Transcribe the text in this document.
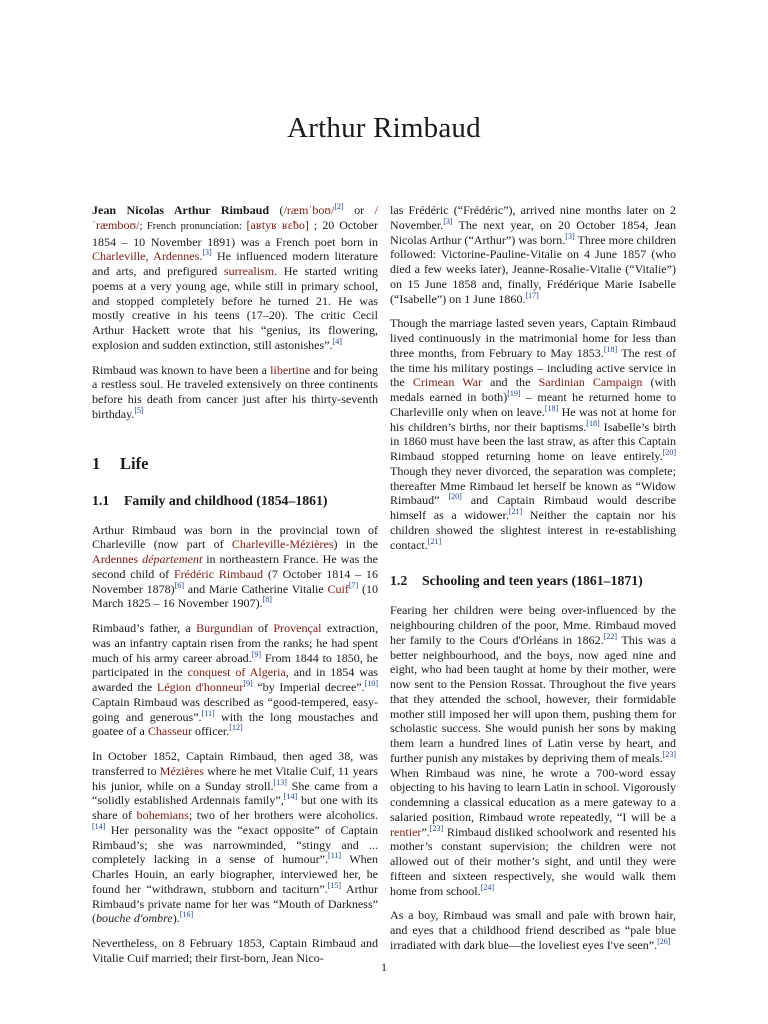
Arthur Rimbaud

Jean Nicolas Arthur Rimbaud (/ræmˈboʊ/[2] or /ˈræmboʊ/; French pronunciation: [aʁtyʁ ʁɛ̃bo] ; 20 October 1854 – 10 November 1891) was a French poet born in Charleville, Ardennes.[3] He influenced modern literature and arts, and prefigured surrealism. He started writing poems at a very young age, while still in primary school, and stopped completely before he turned 21. He was mostly creative in his teens (17–20). The critic Cecil Arthur Hackett wrote that his “genius, its flowering, explosion and sudden extinction, still astonishes”.[4]

Rimbaud was known to have been a libertine and for being a restless soul. He traveled extensively on three continents before his death from cancer just after his thirty-seventh birthday.[5]

1 Life
1.1 Family and childhood (1854–1861)

Arthur Rimbaud was born in the provincial town of Charleville (now part of Charleville-Mézières) in the Ardennes département in northeastern France. He was the second child of Frédéric Rimbaud (7 October 1814 – 16 November 1878)[6] and Marie Catherine Vitalie Cuif[7] (10 March 1825 – 16 November 1907).[8]

Rimbaud’s father, a Burgundian of Provençal extraction, was an infantry captain risen from the ranks; he had spent much of his army career abroad.[9] From 1844 to 1850, he participated in the conquest of Algeria, and in 1854 was awarded the Légion d'honneur[9] “by Imperial decree”.[10] Captain Rimbaud was described as “good-tempered, easy-going and generous”.[11] with the long moustaches and goatee of a Chasseur officer.[12]

In October 1852, Captain Rimbaud, then aged 38, was transferred to Mézières where he met Vitalie Cuif, 11 years his junior, while on a Sunday stroll.[13] She came from a “solidly established Ardennais family”,[14] but one with its share of bohemians; two of her brothers were alcoholics.[14] Her personality was the “exact opposite” of Captain Rimbaud’s; she was narrowminded, “stingy and ... completely lacking in a sense of humour”.[11] When Charles Houin, an early biographer, interviewed her, he found her “withdrawn, stubborn and taciturn”.[15] Arthur Rimbaud’s private name for her was “Mouth of Darkness” (bouche d'ombre).[16]

Nevertheless, on 8 February 1853, Captain Rimbaud and Vitalie Cuif married; their first-born, Jean Nico-

las Frédéric (“Frédéric”), arrived nine months later on 2 November.[3] The next year, on 20 October 1854, Jean Nicolas Arthur (“Arthur”) was born.[3] Three more children followed: Victorine-Pauline-Vitalie on 4 June 1857 (who died a few weeks later), Jeanne-Rosalie-Vitalie (“Vitalie”) on 15 June 1858 and, finally, Frédérique Marie Isabelle (“Isabelle”) on 1 June 1860.[17]

Though the marriage lasted seven years, Captain Rimbaud lived continuously in the matrimonial home for less than three months, from February to May 1853.[18] The rest of the time his military postings – including active service in the Crimean War and the Sardinian Campaign (with medals earned in both)[19] – meant he returned home to Charleville only when on leave.[18] He was not at home for his children’s births, nor their baptisms.[18] Isabelle’s birth in 1860 must have been the last straw, as after this Captain Rimbaud stopped returning home on leave entirely.[20] Though they never divorced, the separation was complete; thereafter Mme Rimbaud let herself be known as “Widow Rimbaud” [20] and Captain Rimbaud would describe himself as a widower.[21] Neither the captain nor his children showed the slightest interest in re-establishing contact.[21]

1.2 Schooling and teen years (1861–1871)

Fearing her children were being over-influenced by the neighbouring children of the poor, Mme. Rimbaud moved her family to the Cours d'Orléans in 1862.[22] This was a better neighbourhood, and the boys, now aged nine and eight, who had been taught at home by their mother, were now sent to the Pension Rossat. Throughout the five years that they attended the school, however, their formidable mother still imposed her will upon them, pushing them for scholastic success. She would punish her sons by making them learn a hundred lines of Latin verse by heart, and further punish any mistakes by depriving them of meals.[23] When Rimbaud was nine, he wrote a 700-word essay objecting to his having to learn Latin in school. Vigorously condemning a classical education as a mere gateway to a salaried position, Rimbaud wrote repeatedly, “I will be a rentier”.[23] Rimbaud disliked schoolwork and resented his mother’s constant supervision; the children were not allowed out of their mother’s sight, and until they were fifteen and sixteen respectively, she would walk them home from school.[24]

As a boy, Rimbaud was small and pale with brown hair, and eyes that a childhood friend described as “pale blue irradiated with dark blue—the loveliest eyes I've seen”.[26]

1
